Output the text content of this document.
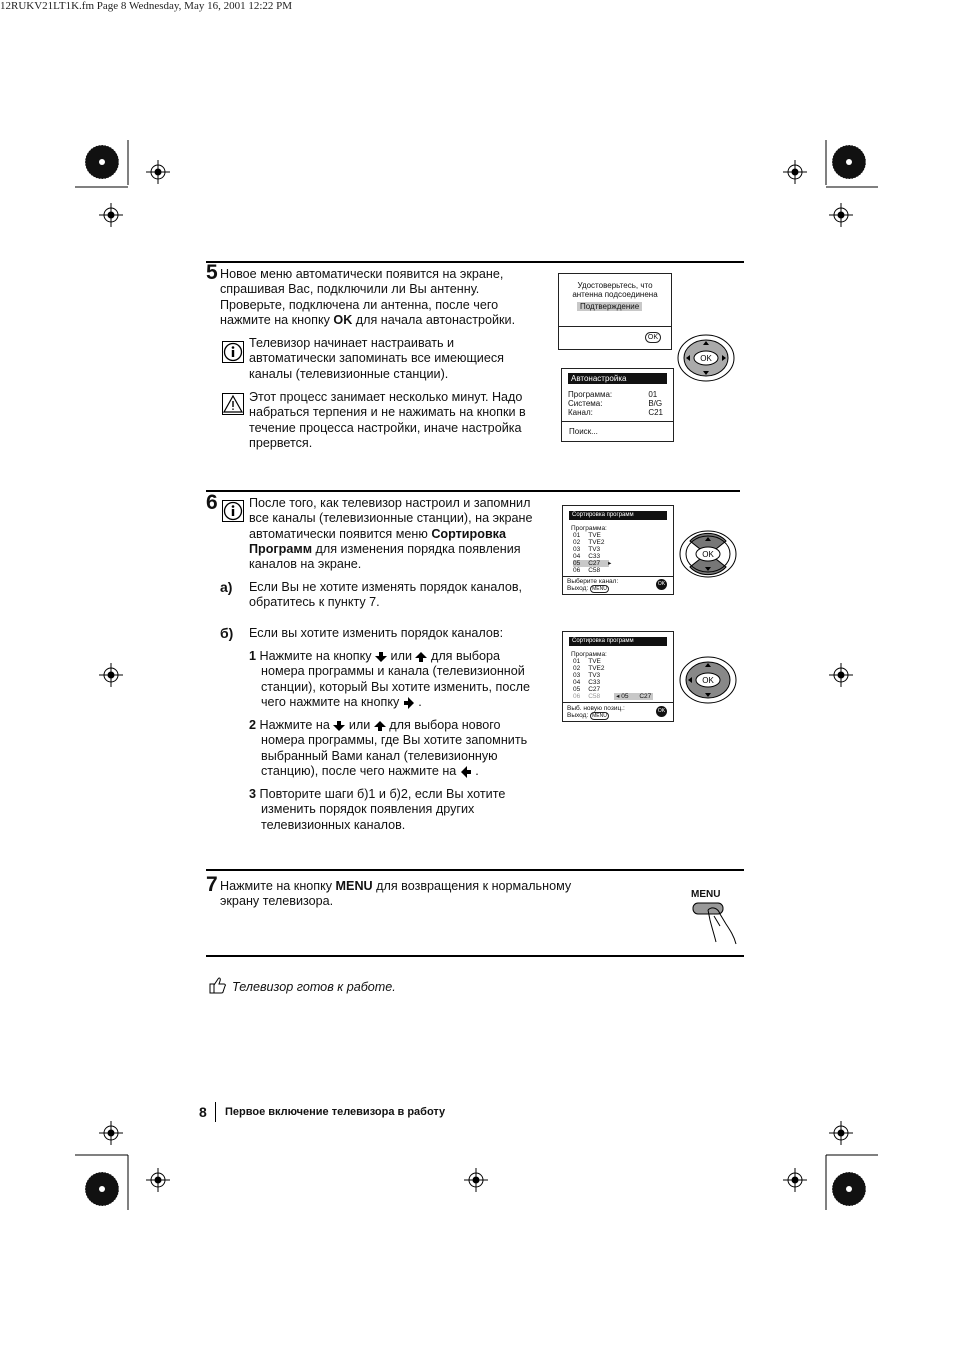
12RUKV21LT1K.fm Page 8 Wednesday, May 16, 2001 12:22 PM
5 Новое меню автоматически появится на экране,
спрашивая Вас, подключили ли Вы антенну.
Проверьте, подключена ли антенна, после чего
нажмите на кнопку OK для начала автонастройки.
Телевизор начинает настраивать и
автоматически запоминать все имеющиеся
каналы (телевизионные станции).
Этот процесс занимает несколько минут. Надо
набраться терпения и не нажимать на кнопки в
течение процесса настройки, иначе настройка
прервется.
Удостоверьтесь, что
антенна подсоединена
Подтверждение
OK
Автонастройка
Программа:
Система:
Канал:
01
B/G
C21
Поиск...
OK
OK
OK
6 После того, как телевизор настроил и запомнил
все каналы (телевизионные станции), на экране
автоматически появится меню Сортировка
Программ для изменения порядка появления
каналов на экране.
а) Если Вы не хотите изменять порядок каналов,
обратитесь к пункту 7.
б) Если вы хотите изменить порядок каналов:
1 Нажмите на кнопку  или  для выбора
номера программы и канала (телевизионной
станции), который Вы хотите изменить, после
чего нажмите на кнопку  .
2 Нажмите на  или  для выбора нового
номера программы, где Вы хотите запомнить
выбранный Вами канал (телевизионную
станцию), после чего нажмите на  .
3 Повторите шаги б)1 и б)2, если Вы хотите
изменить порядок появления других
телевизионных каналов.
Сортировка программ
Программа:
01 TVE
02 TVE2
03 TV3
04 C33
05 C27 ▸
06 C58
Выберите канал:
Выход: MENU
OK
Сортировка программ
Программа:
01 TVE
02 TVE2
03 TV3
04 C33
05 C27
06 C58	◂ 05 C27
Выб. новую позиц.:
Выход: MENU
OK
7 Нажмите на кнопку MENU для возвращения к нормальному
экрану телевизора.	MENU
Телевизор готов к работе.
8 Первое включение телевизора в работу
